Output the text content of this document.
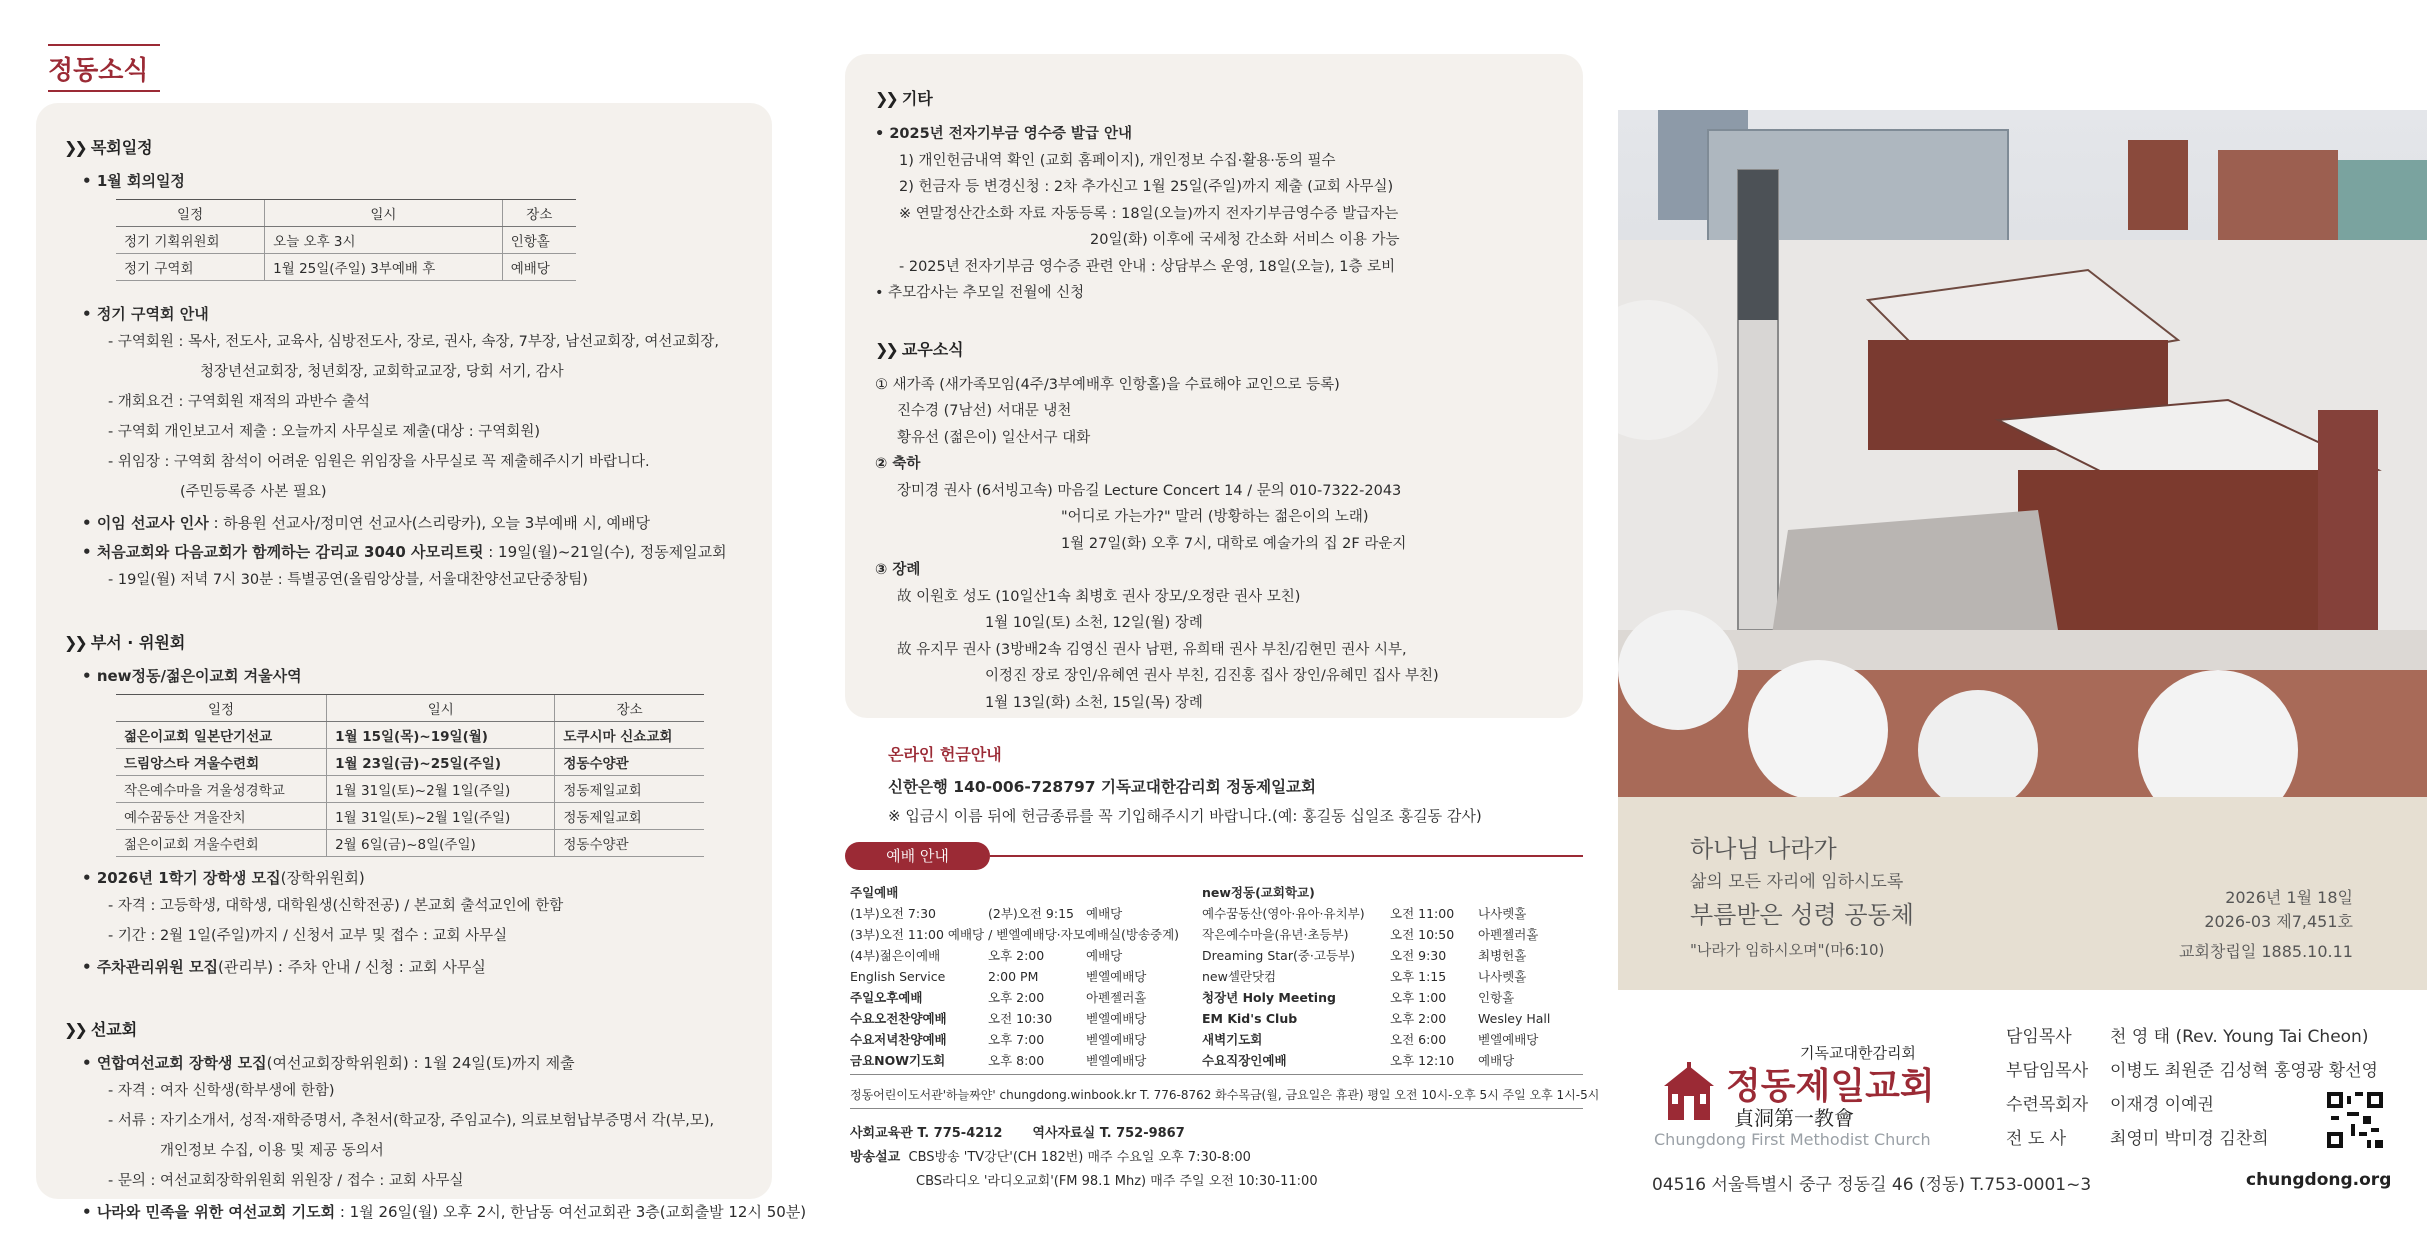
정동소식
❯❯ 목회일정
• 1월 회의일정
일정	일시	장소
정기 기획위원회	오늘 오후 3시	인항홀
정기 구역회	1월 25일(주일) 3부예배 후	예배당
• 정기 구역회 안내
- 구역회원 : 목사, 전도사, 교육사, 심방전도사, 장로, 권사, 속장, 7부장, 남선교회장, 여선교회장,
청장년선교회장, 청년회장, 교회학교교장, 당회 서기, 감사
- 개회요건 : 구역회원 재적의 과반수 출석
- 구역회 개인보고서 제출 : 오늘까지 사무실로 제출(대상 : 구역회원)
- 위임장 : 구역회 참석이 어려운 임원은 위임장을 사무실로 꼭 제출해주시기 바랍니다.
(주민등록증 사본 필요)
• 이임 선교사 인사 : 하용원 선교사/정미연 선교사(스리랑카), 오늘 3부예배 시, 예배당
• 처음교회와 다음교회가 함께하는 감리교 3040 사모리트릿 : 19일(월)~21일(수), 정동제일교회
- 19일(월) 저녁 7시 30분 : 특별공연(올림앙상블, 서울대찬양선교단중창팀)
❯❯ 부서 · 위원회
• new정동/젊은이교회 겨울사역
일정	일시	장소
젊은이교회 일본단기선교	1월 15일(목)~19일(월)	도쿠시마 신쇼교회
드림앙스타 겨울수련회	1월 23일(금)~25일(주일)	정동수양관
작은예수마을 겨울성경학교	1월 31일(토)~2월 1일(주일)	정동제일교회
예수꿈동산 겨울잔치	1월 31일(토)~2월 1일(주일)	정동제일교회
젊은이교회 겨울수련회	2월 6일(금)~8일(주일)	정동수양관
• 2026년 1학기 장학생 모집(장학위원회)
- 자격 : 고등학생, 대학생, 대학원생(신학전공) / 본교회 출석교인에 한함
- 기간 : 2월 1일(주일)까지 / 신청서 교부 및 접수 : 교회 사무실
• 주차관리위원 모집(관리부) : 주차 안내 / 신청 : 교회 사무실
❯❯ 선교회
• 연합여선교회 장학생 모집(여선교회장학위원회) : 1월 24일(토)까지 제출
- 자격 : 여자 신학생(학부생에 한함)
- 서류 : 자기소개서, 성적·재학증명서, 추천서(학교장, 주임교수), 의료보험납부증명서 각(부,모),
개인정보 수집, 이용 및 제공 동의서
- 문의 : 여선교회장학위원회 위원장 / 접수 : 교회 사무실
• 나라와 민족을 위한 여선교회 기도회 : 1월 26일(월) 오후 2시, 한남동 여선교회관 3층(교회출발 12시 50분)
❯❯ 기타
• 2025년 전자기부금 영수증 발급 안내
1) 개인헌금내역 확인 (교회 홈페이지), 개인정보 수집·활용·동의 필수
2) 헌금자 등 변경신청 : 2차 추가신고 1월 25일(주일)까지 제출 (교회 사무실)
※ 연말정산간소화 자료 자동등록 : 18일(오늘)까지 전자기부금영수증 발급자는
20일(화) 이후에 국세청 간소화 서비스 이용 가능
- 2025년 전자기부금 영수증 관련 안내 : 상담부스 운영, 18일(오늘), 1층 로비
• 추모감사는 추모일 전월에 신청
❯❯ 교우소식
① 새가족 (새가족모임(4주/3부예배후 인항홀)을 수료해야 교인으로 등록)
진수경 (7남선) 서대문 냉천
황유선 (젊은이) 일산서구 대화
② 축하
장미경 권사 (6서빙고속) 마음길 Lecture Concert 14 / 문의 010-7322-2043
"어디로 가는가?" 말러 (방황하는 젊은이의 노래)
1월 27일(화) 오후 7시, 대학로 예술가의 집 2F 라운지
③ 장례
故 이원호 성도 (10일산1속 최병호 권사 장모/오정란 권사 모친)
1월 10일(토) 소천, 12일(월) 장례
故 유지무 권사 (3방배2속 김영신 권사 남편, 유희태 권사 부친/김현민 권사 시부,
이정진 장로 장인/유혜연 권사 부친, 김진홍 집사 장인/유혜민 집사 부친)
1월 13일(화) 소천, 15일(목) 장례
온라인 헌금안내
신한은행 140-006-728797 기독교대한감리회 정동제일교회
※ 입금시 이름 뒤에 헌금종류를 꼭 기입해주시기 바랍니다.(예: 홍길동 십일조 홍길동 감사)
예배 안내
주일예배
(1부)오전 7:30	(2부)오전 9:15 예배당
(3부)오전 11:00 예배당 / 벧엘예배당·자모예배실(방송중계)
(4부)젊은이예배	오후 2:00	예배당
English Service	2:00 PM	벧엘예배당
주일오후예배	오후 2:00	아펜젤러홀
수요오전찬양예배	오전 10:30	벧엘예배당
수요저녁찬양예배	오후 7:00	벧엘예배당
금요NOW기도회	오후 8:00	벧엘예배당
new정동(교회학교)
예수꿈동산(영아·유아·유치부)	오전 11:00	나사렛홀
작은예수마을(유년·초등부)	오전 10:50	아펜젤러홀
Dreaming Star(중·고등부)	오전 9:30	최병헌홀
new셀란닷컴	오후 1:15	나사렛홀
청장년 Holy Meeting	오후 1:00	인항홀
EM Kid's Club	오후 2:00	Wesley Hall
새벽기도회	오전 6:00	벧엘예배당
수요직장인예배	오후 12:10	예배당
정동어린이도서관'하늘짜얀' chungdong.winbook.kr T. 776-8762 화수목금(월, 금요일은 휴관) 평일 오전 10시-오후 5시 주일 오후 1시-5시
사회교육관 T. 775-4212 역사자료실 T. 752-9867
방송설교 CBS방송 'TV강단'(CH 182번) 매주 수요일 오후 7:30-8:00
CBS라디오 '라디오교회'(FM 98.1 Mhz) 매주 주일 오전 10:30-11:00
하나님 나라가
삶의 모든 자리에 임하시도록
부름받은 성령 공동체
"나라가 임하시오며"(마6:10)
2026년 1월 18일
2026-03 제7,451호
교회창립일 1885.10.11
기독교대한감리회
정동제일교회
貞洞第一教會
Chungdong First Methodist Church
담임목사 천 영 태 (Rev. Young Tai Cheon)
부담임목사 이병도 최원준 김성혁 홍영광 황선영
수련목회자 이재경 이예권
전 도 사	최영미 박미경 김찬희
04516 서울특별시 중구 정동길 46 (정동) T.753-0001~3	chungdong.org
